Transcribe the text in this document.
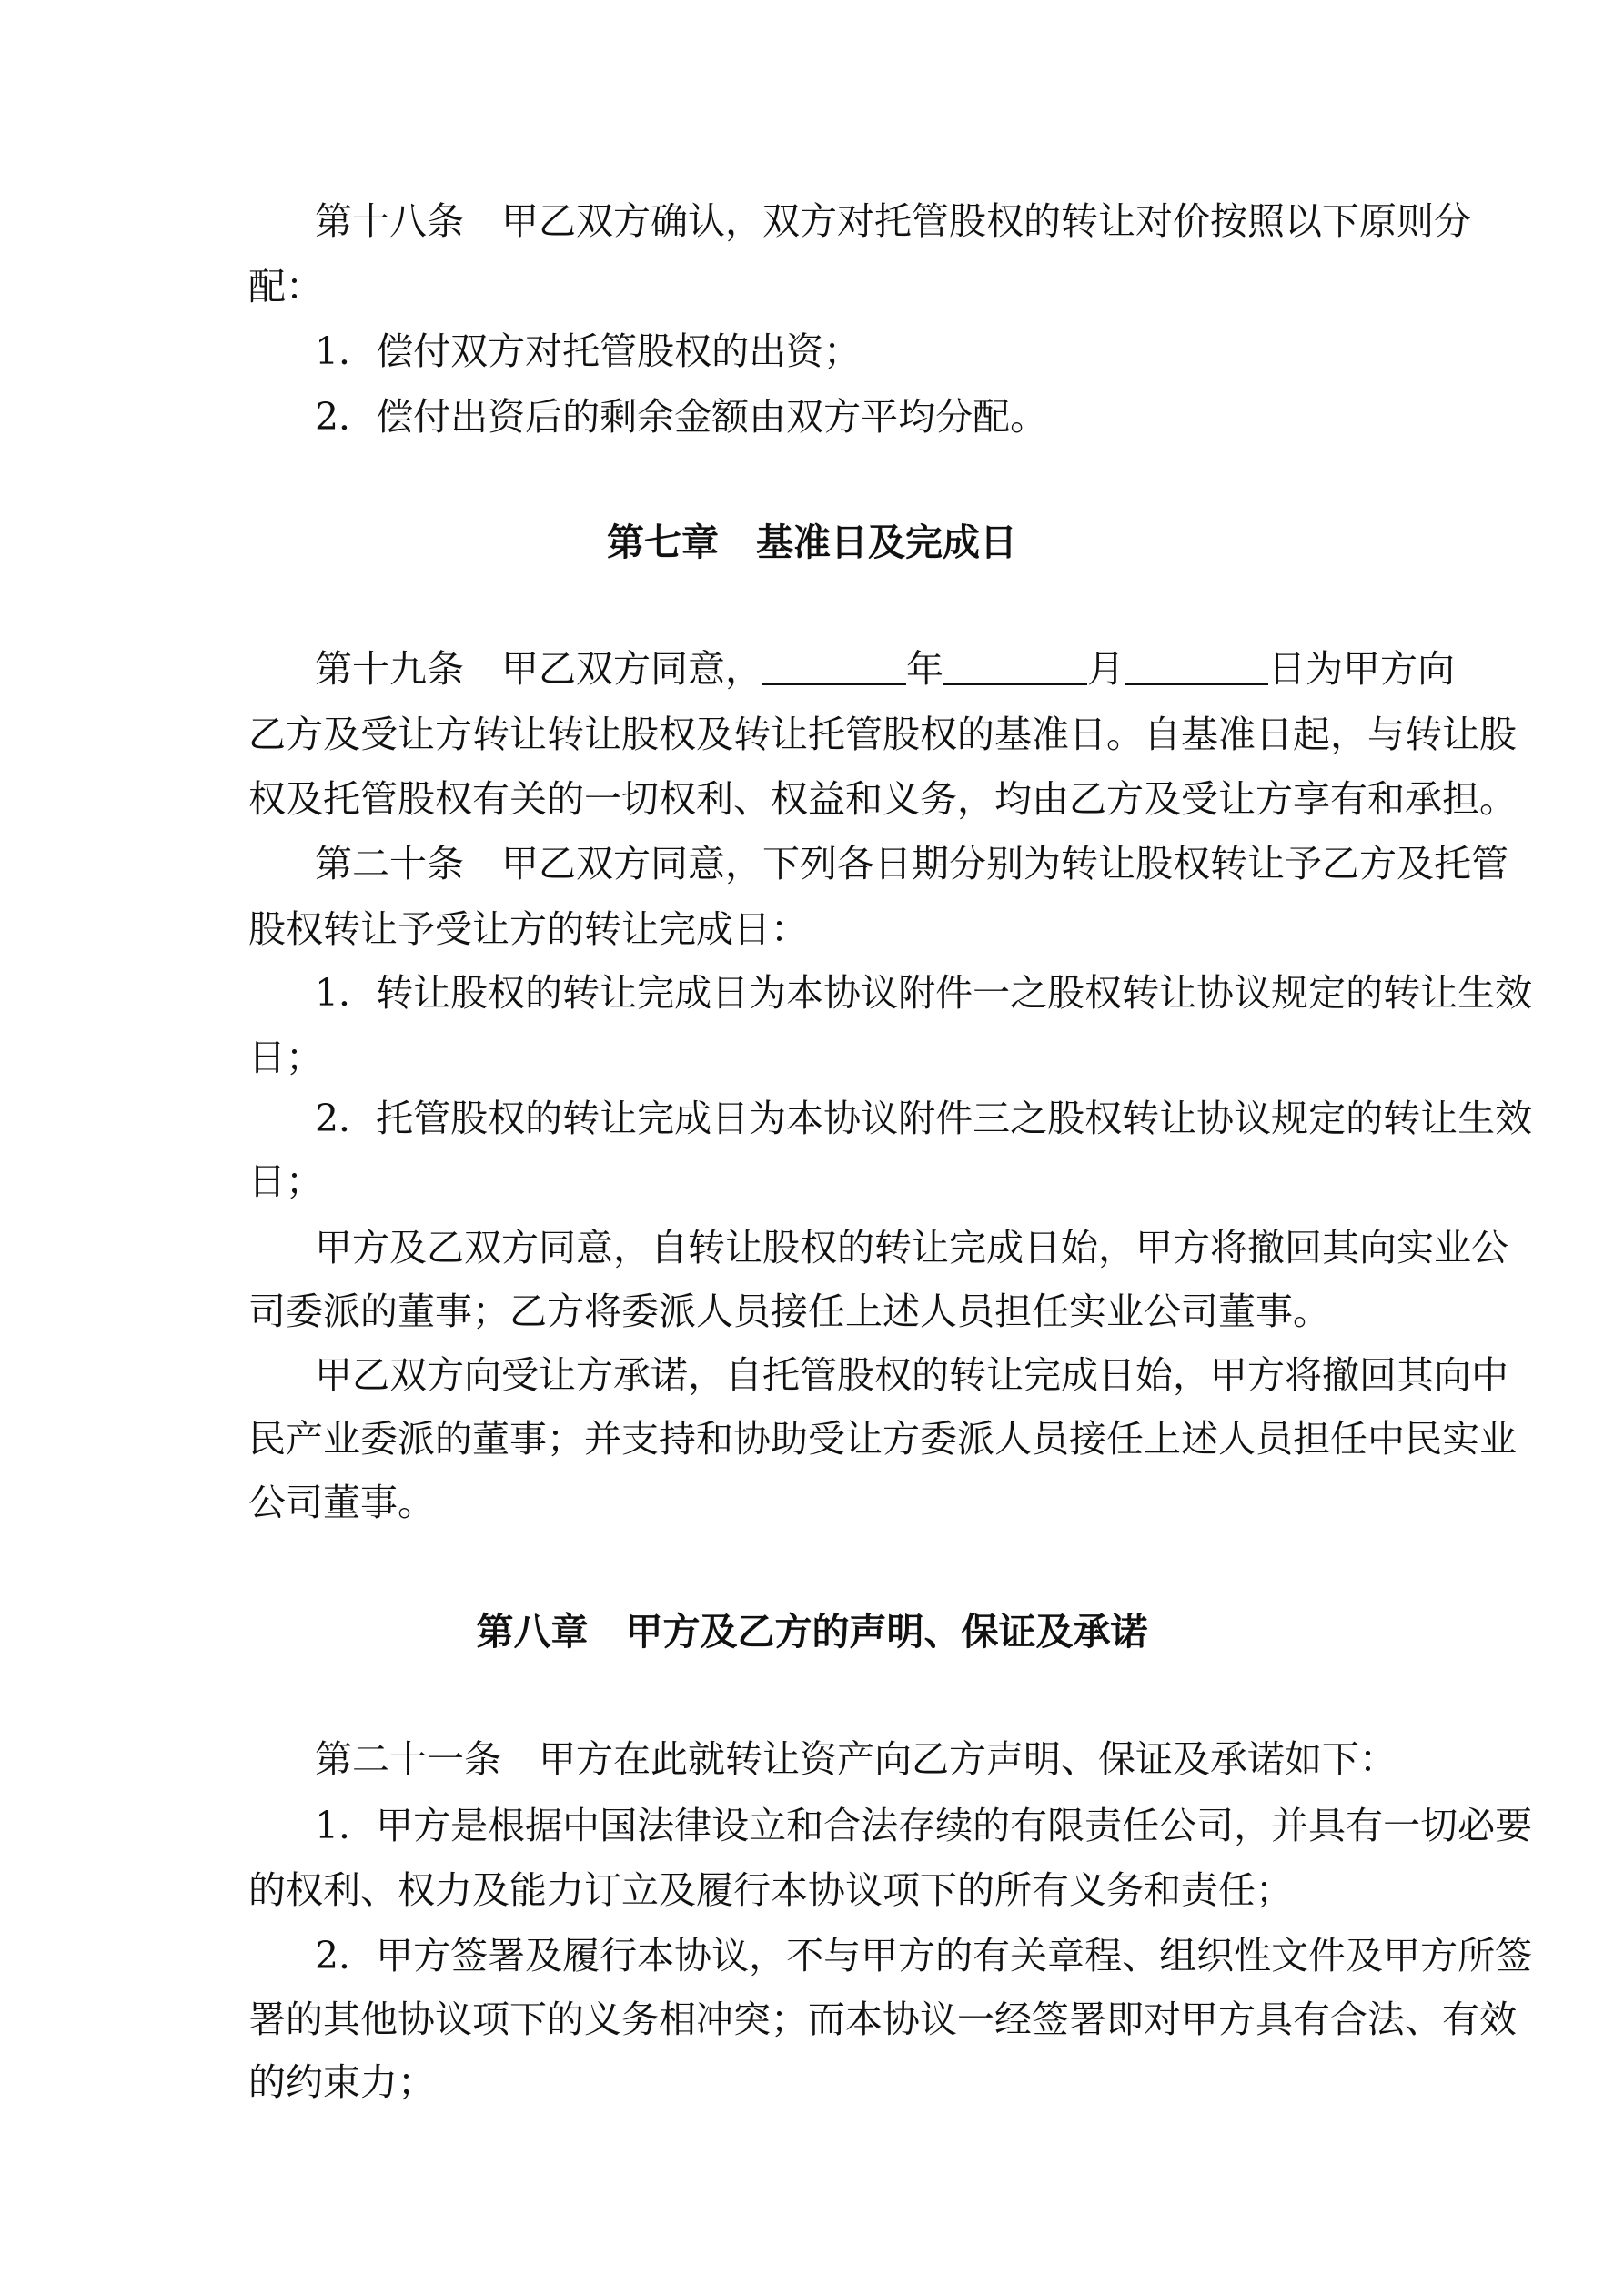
第十八条　甲乙双方确认，双方对托管股权的转让对价按照以下原则分
配：
1．偿付双方对托管股权的出资；
2．偿付出资后的剩余金额由双方平均分配。
第七章　基准日及完成日
第十九条　甲乙双方同意，	年	月	日为甲方向
乙方及受让方转让转让股权及转让托管股权的基准日。自基准日起，与转让股
权及托管股权有关的一切权利、权益和义务，均由乙方及受让方享有和承担。
第二十条　甲乙双方同意，下列各日期分别为转让股权转让予乙方及托管
股权转让予受让方的转让完成日：
1．转让股权的转让完成日为本协议附件一之股权转让协议规定的转让生效
日；
2．托管股权的转让完成日为本协议附件三之股权转让协议规定的转让生效
日；
甲方及乙双方同意，自转让股权的转让完成日始，甲方将撤回其向实业公
司委派的董事；乙方将委派人员接任上述人员担任实业公司董事。
甲乙双方向受让方承诺，自托管股权的转让完成日始，甲方将撤回其向中
民产业委派的董事；并支持和协助受让方委派人员接任上述人员担任中民实业
公司董事。
第八章　甲方及乙方的声明、保证及承诺
第二十一条　甲方在此就转让资产向乙方声明、保证及承诺如下：
1．甲方是根据中国法律设立和合法存续的有限责任公司，并具有一切必要
的权利、权力及能力订立及履行本协议项下的所有义务和责任；
2．甲方签署及履行本协议，不与甲方的有关章程、组织性文件及甲方所签
署的其他协议项下的义务相冲突；而本协议一经签署即对甲方具有合法、有效
的约束力；
